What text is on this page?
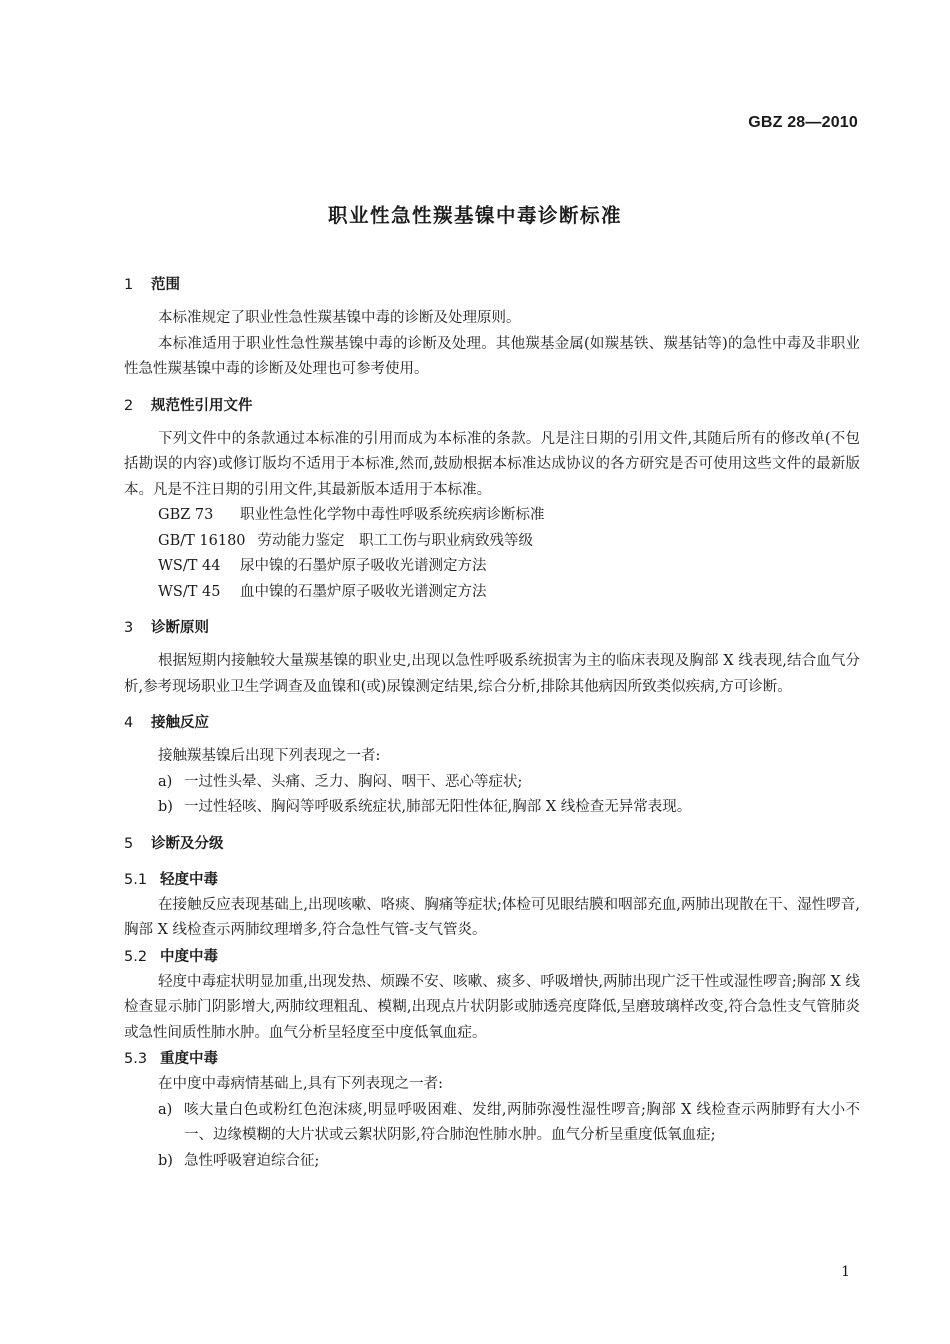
GBZ 28—2010
职业性急性羰基镍中毒诊断标准
1 范围
本标准规定了职业性急性羰基镍中毒的诊断及处理原则。
本标准适用于职业性急性羰基镍中毒的诊断及处理。其他羰基金属(如羰基铁、羰基钴等)的急性中毒及非职业性急性羰基镍中毒的诊断及处理也可参考使用。
2 规范性引用文件
下列文件中的条款通过本标准的引用而成为本标准的条款。凡是注日期的引用文件,其随后所有的修改单(不包括勘误的内容)或修订版均不适用于本标准,然而,鼓励根据本标准达成协议的各方研究是否可使用这些文件的最新版本。凡是不注日期的引用文件,其最新版本适用于本标准。
GBZ 73 职业性急性化学物中毒性呼吸系统疾病诊断标准
GB/T 16180 劳动能力鉴定　职工工伤与职业病致残等级
WS/T 44 尿中镍的石墨炉原子吸收光谱测定方法
WS/T 45 血中镍的石墨炉原子吸收光谱测定方法
3 诊断原则
根据短期内接触较大量羰基镍的职业史,出现以急性呼吸系统损害为主的临床表现及胸部 X 线表现,结合血气分析,参考现场职业卫生学调查及血镍和(或)尿镍测定结果,综合分析,排除其他病因所致类似疾病,方可诊断。
4 接触反应
接触羰基镍后出现下列表现之一者:
a) 一过性头晕、头痛、乏力、胸闷、咽干、恶心等症状;
b) 一过性轻咳、胸闷等呼吸系统症状,肺部无阳性体征,胸部 X 线检查无异常表现。
5 诊断及分级
5.1 轻度中毒
在接触反应表现基础上,出现咳嗽、咯痰、胸痛等症状;体检可见眼结膜和咽部充血,两肺出现散在干、湿性啰音,胸部 X 线检查示两肺纹理增多,符合急性气管-支气管炎。
5.2 中度中毒
轻度中毒症状明显加重,出现发热、烦躁不安、咳嗽、痰多、呼吸增快,两肺出现广泛干性或湿性啰音;胸部 X 线检查显示肺门阴影增大,两肺纹理粗乱、模糊,出现点片状阴影或肺透亮度降低,呈磨玻璃样改变,符合急性支气管肺炎或急性间质性肺水肿。血气分析呈轻度至中度低氧血症。
5.3 重度中毒
在中度中毒病情基础上,具有下列表现之一者:
a) 咳大量白色或粉红色泡沫痰,明显呼吸困难、发绀,两肺弥漫性湿性啰音;胸部 X 线检查示两肺野有大小不一、边缘模糊的大片状或云絮状阴影,符合肺泡性肺水肿。血气分析呈重度低氧血症;
b) 急性呼吸窘迫综合征;
1
